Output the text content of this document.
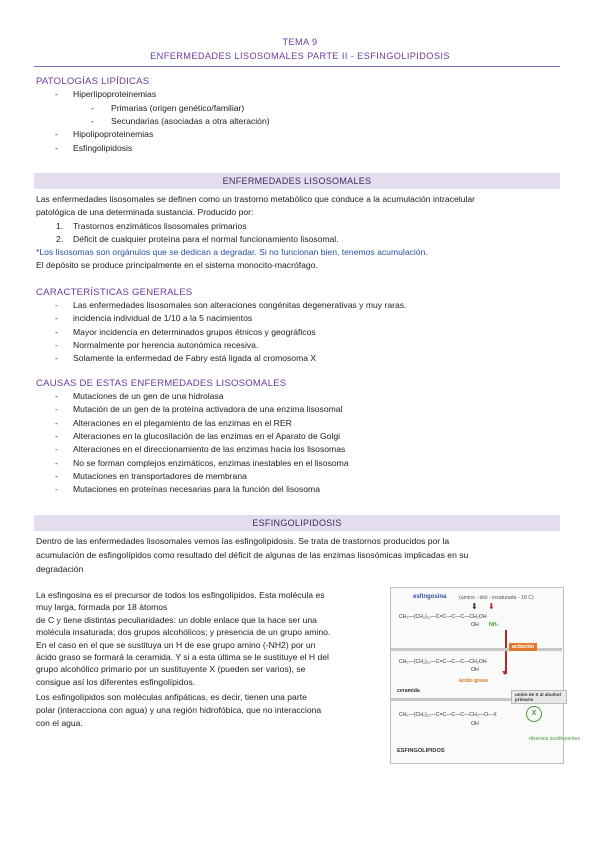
TEMA 9
ENFERMEDADES LISOSOMALES PARTE II - ESFINGOLIPIDOSIS
PATOLOGÍAS LIPÍDICAS
- Hiperlipoproteinemias
- Primarias (origen genético/familiar)
- Secundarias (asociadas a otra alteración)
- Hipolipoproteinemias
- Esfingolipidosis
ENFERMEDADES LISOSOMALES
Las enfermedades lisosomales se definen como un trastorno metabólico que conduce a la acumulación intracelular
patológica de una determinada sustancia. Producido por:
1. Trastornos enzimáticos lisosomales primarios
2. Déficit de cualquier proteína para el normal funcionamiento lisosomal.
*Los lisosomas son orgánulos que se dedican a degradar. Si no funcionan bien, tenemos acumulación.
El depósito se produce principalmente en el sistema monocito-macrófago.
CARACTERÍSTICAS GENERALES
- Las enfermedades lisosomales son alteraciones congénitas degenerativas y muy raras.
- incidencia individual de 1/10 a la 5 nacimientos
- Mayor incidencia en determinados grupos étnicos y geográficos
- Normalmente por herencia autonómica recesiva.
- Solamente la enfermedad de Fabry está ligada al cromosoma X
CAUSAS DE ESTAS ENFERMEDADES LISOSOMALES
- Mutaciones de un gen de una hidrolasa
- Mutación de un gen de la proteína activadora de una enzima lisosomal
- Alteraciones en el plegamiento de las enzimas en el RER
- Alteraciones en la glucosilación de las enzimas en el Aparato de Golgi
- Alteraciones en el direccionamiento de las enzimas hacia los lisosomas
- No se forman complejos enzimáticos, enzimas inestables en el lisosoma
- Mutaciones en transportadores de membrana
- Mutaciones en proteínas necesarias para la función del lisosoma
ESFINGOLIPIDOSIS
Dentro de las enfermedades lisosomales vemos las esfingolipidosis. Se trata de trastornos producidos por la
acumulación de esfingolípidos como resultado del déficit de algunas de las enzimas lisosómicas implicadas en su
degradación
La esfingosina es el precursor de todos los esfingolípidos. Esta molécula es
muy larga, formada por 18 átomos
de C y tiene distintas peculiaridades: un doble enlace que la hace ser una
molécula insaturada; dos grupos alcohólicos; y presencia de un grupo amino.
En el caso en el que se sustituya un H de ese grupo amino (-NH2) por un
ácido graso se formará la ceramida. Y si a esta última se le sustituye el H del
grupo alcohólico primario por un sustituyente X (pueden ser varios), se
consigue así los diferentes esfingolípidos.
Los esfingolípidos son moléculas anfipáticas, es decir, tienen una parte
polar (interacciona con agua) y una región hidrofóbica, que no interacciona
con el agua.
esfingosina (amino - diol - insaturada - 18 C)
⬇ ⬇
CH₃—(CH₂)₁₂—C=C—C—C—CH₂OH
OH NH₂
▼
acilación
CH₃—(CH₂)₁₂—C=C—C—C—CH₂OH
OH
ácido graso
ceramida
unión de X al alcohol primario
CH₃—(CH₂)₁₂—C=C—C—C—CH₂—O—X	X
OH
diversos sustituyentes
ESFINGOLIPIDOS
